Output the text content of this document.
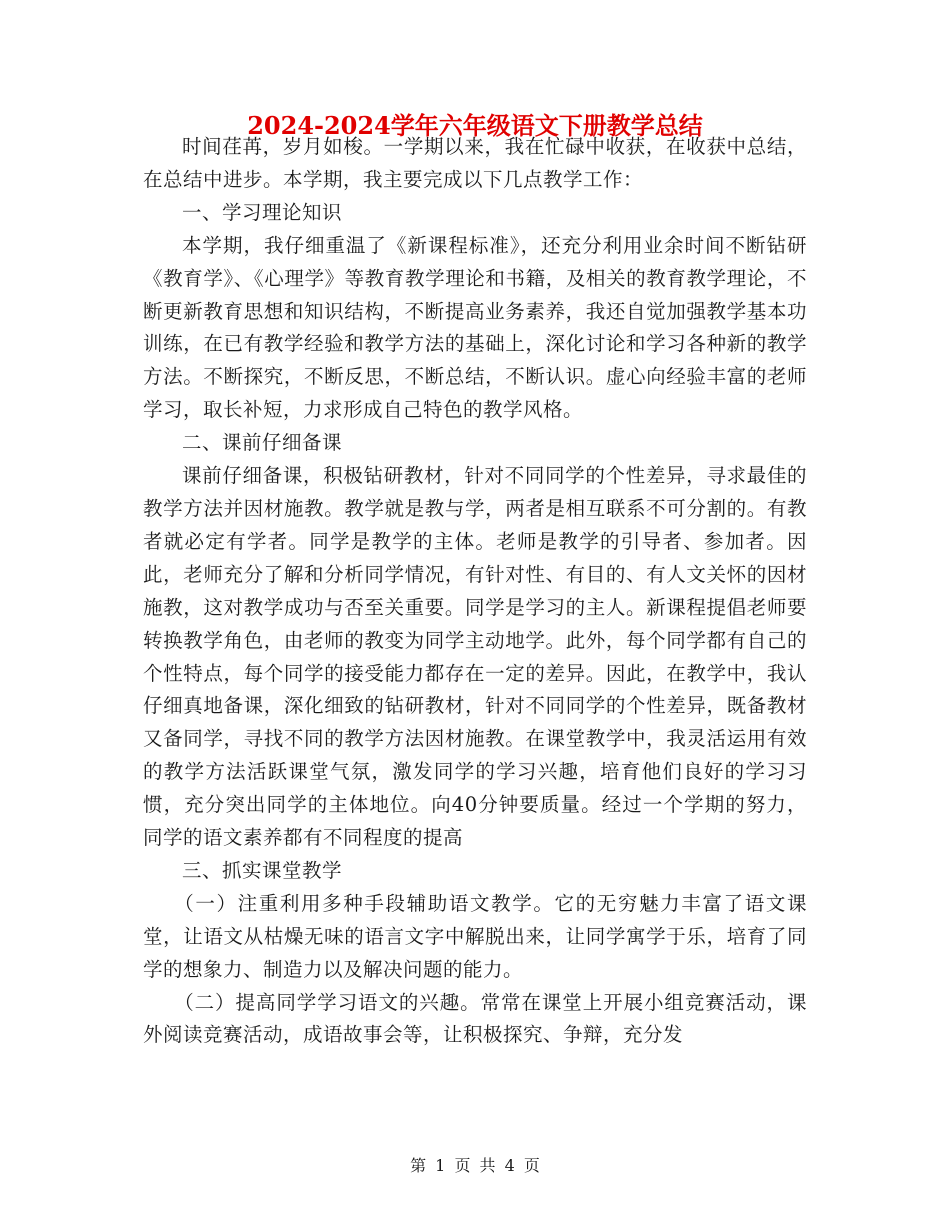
2024-2024学年六年级语文下册教学总结

时间荏苒，岁月如梭。一学期以来，我在忙碌中收获，在收获中总结，在总结中进步。本学期，我主要完成以下几点教学工作：

一、学习理论知识

本学期，我仔细重温了《新课程标准》，还充分利用业余时间不断钻研《教育学》、《心理学》等教育教学理论和书籍，及相关的教育教学理论，不断更新教育思想和知识结构，不断提高业务素养，我还自觉加强教学基本功训练，在已有教学经验和教学方法的基础上，深化讨论和学习各种新的教学方法。不断探究，不断反思，不断总结，不断认识。虚心向经验丰富的老师学习，取长补短，力求形成自己特色的教学风格。

二、课前仔细备课

课前仔细备课，积极钻研教材，针对不同同学的个性差异，寻求最佳的教学方法并因材施教。教学就是教与学，两者是相互联系不可分割的。有教者就必定有学者。同学是教学的主体。老师是教学的引导者、参加者。因此，老师充分了解和分析同学情况，有针对性、有目的、有人文关怀的因材施教，这对教学成功与否至关重要。同学是学习的主人。新课程提倡老师要转换教学角色，由老师的教变为同学主动地学。此外，每个同学都有自己的个性特点，每个同学的接受能力都存在一定的差异。因此，在教学中，我认仔细真地备课，深化细致的钻研教材，针对不同同学的个性差异，既备教材又备同学，寻找不同的教学方法因材施教。在课堂教学中，我灵活运用有效的教学方法活跃课堂气氛，激发同学的学习兴趣，培育他们良好的学习习惯，充分突出同学的主体地位。向40分钟要质量。经过一个学期的努力，同学的语文素养都有不同程度的提高

三、抓实课堂教学

（一）注重利用多种手段辅助语文教学。它的无穷魅力丰富了语文课堂，让语文从枯燥无味的语言文字中解脱出来，让同学寓学于乐，培育了同学的想象力、制造力以及解决问题的能力。

（二）提高同学学习语文的兴趣。常常在课堂上开展小组竞赛活动，课外阅读竞赛活动，成语故事会等，让积极探究、争辩，充分发

第 1 页 共 4 页
